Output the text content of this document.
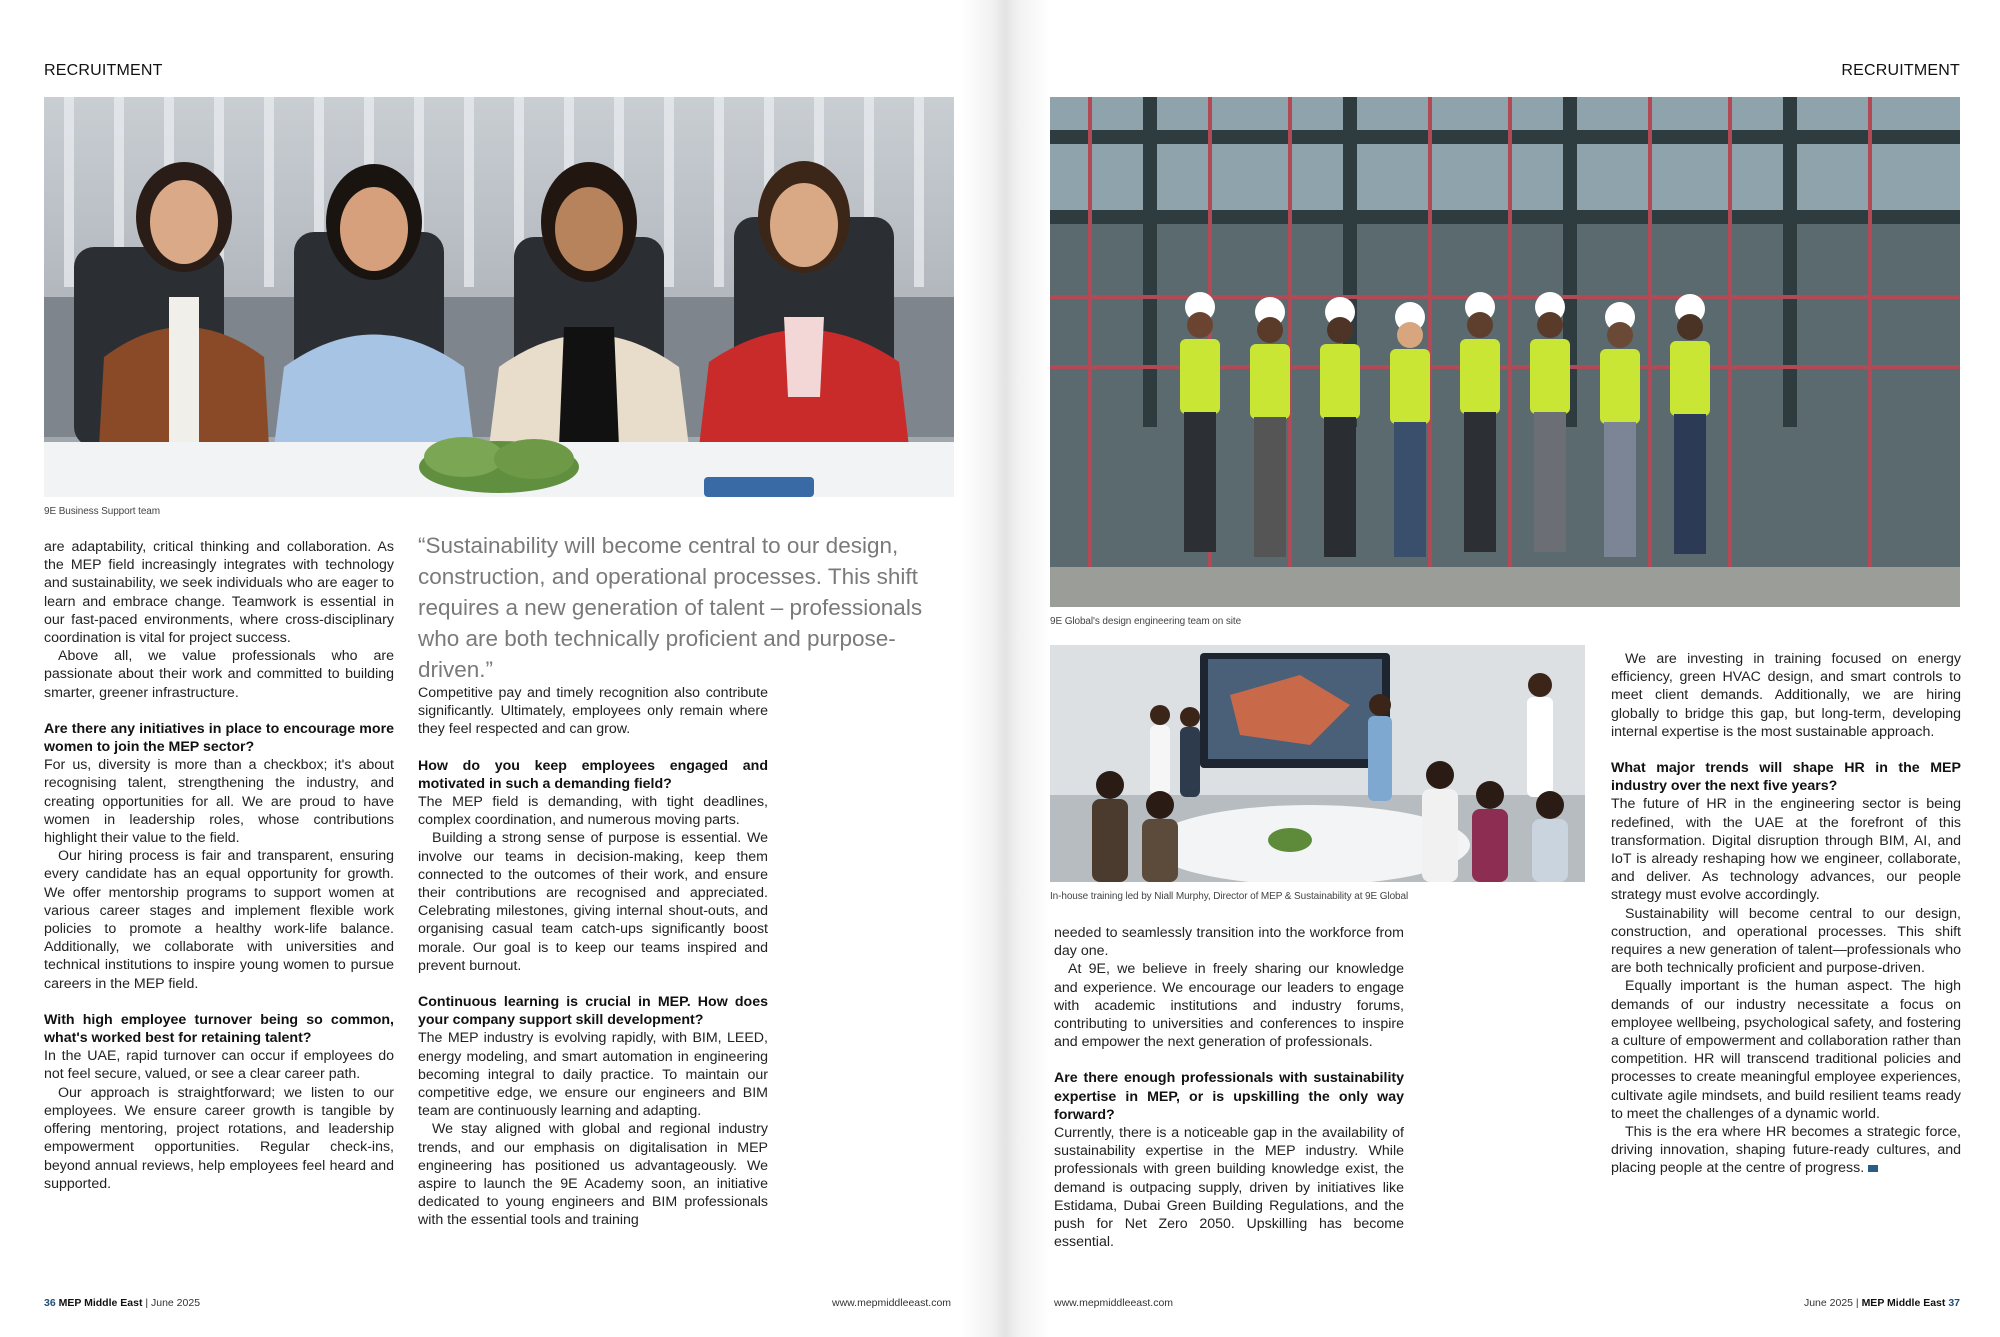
RECRUITMENT
9E Business Support team

are adaptability, critical thinking and collaboration. As the MEP field increasingly integrates with technology and sustainability, we seek individuals who are eager to learn and embrace change. Teamwork is essential in our fast-paced environments, where cross-disciplinary coordination is vital for project success.

Above all, we value professionals who are passionate about their work and committed to building smarter, greener infrastructure.

Are there any initiatives in place to encourage more women to join the MEP sector?

For us, diversity is more than a checkbox; it's about recognising talent, strengthening the industry, and creating opportunities for all. We are proud to have women in leadership roles, whose contributions highlight their value to the field.

Our hiring process is fair and transparent, ensuring every candidate has an equal opportunity for growth. We offer mentorship programs to support women at various career stages and implement flexible work policies to promote a healthy work-life balance. Additionally, we collaborate with universities and technical institutions to inspire young women to pursue careers in the MEP field.

With high employee turnover being so common, what's worked best for retaining talent?

In the UAE, rapid turnover can occur if employees do not feel secure, valued, or see a clear career path.

Our approach is straightforward; we listen to our employees. We ensure career growth is tangible by offering mentoring, project rotations, and leadership empowerment opportunities. Regular check-ins, beyond annual reviews, help employees feel heard and supported.

“Sustainability will become central to our design, construction, and operational processes. This shift requires a new generation of talent – professionals who are both technically proficient and purpose-driven.”

Competitive pay and timely recognition also contribute significantly. Ultimately, employees only remain where they feel respected and can grow.

How do you keep employees engaged and motivated in such a demanding field?

The MEP field is demanding, with tight deadlines, complex coordination, and numerous moving parts.

Building a strong sense of purpose is essential. We involve our teams in decision-making, keep them connected to the outcomes of their work, and ensure their contributions are recognised and appreciated. Celebrating milestones, giving internal shout-outs, and organising casual team catch-ups significantly boost morale. Our goal is to keep our teams inspired and prevent burnout.

Continuous learning is crucial in MEP. How does your company support skill development?

The MEP industry is evolving rapidly, with BIM, LEED, energy modeling, and smart automation in engineering becoming integral to daily practice. To maintain our competitive edge, we ensure our engineers and BIM team are continuously learning and adapting.

We stay aligned with global and regional industry trends, and our emphasis on digitalisation in MEP engineering has positioned us advantageously. We aspire to launch the 9E Academy soon, an initiative dedicated to young engineers and BIM professionals with the essential tools and training

36 MEP Middle East | June 2025	www.mepmiddleeast.com
RECRUITMENT
9E Global's design engineering team on site
In-house training led by Niall Murphy, Director of MEP & Sustainability at 9E Global

needed to seamlessly transition into the workforce from day one.

At 9E, we believe in freely sharing our knowledge and experience. We encourage our leaders to engage with academic institutions and industry forums, contributing to universities and conferences to inspire and empower the next generation of professionals.

Are there enough professionals with sustainability expertise in MEP, or is upskilling the only way forward?

Currently, there is a noticeable gap in the availability of sustainability expertise in the MEP industry. While professionals with green building knowledge exist, the demand is outpacing supply, driven by initiatives like Estidama, Dubai Green Building Regulations, and the push for Net Zero 2050. Upskilling has become essential.

We are investing in training focused on energy efficiency, green HVAC design, and smart controls to meet client demands. Additionally, we are hiring globally to bridge this gap, but long-term, developing internal expertise is the most sustainable approach.

What major trends will shape HR in the MEP industry over the next five years?

The future of HR in the engineering sector is being redefined, with the UAE at the forefront of this transformation. Digital disruption through BIM, AI, and IoT is already reshaping how we engineer, collaborate, and deliver. As technology advances, our people strategy must evolve accordingly.

Sustainability will become central to our design, construction, and operational processes. This shift requires a new generation of talent—professionals who are both technically proficient and purpose-driven.

Equally important is the human aspect. The high demands of our industry necessitate a focus on employee wellbeing, psychological safety, and fostering a culture of empowerment and collaboration rather than competition. HR will transcend traditional policies and processes to create meaningful employee experiences, cultivate agile mindsets, and build resilient teams ready to meet the challenges of a dynamic world.

This is the era where HR becomes a strategic force, driving innovation, shaping future-ready cultures, and placing people at the centre of progress.

www.mepmiddleeast.com	June 2025 | MEP Middle East 37
